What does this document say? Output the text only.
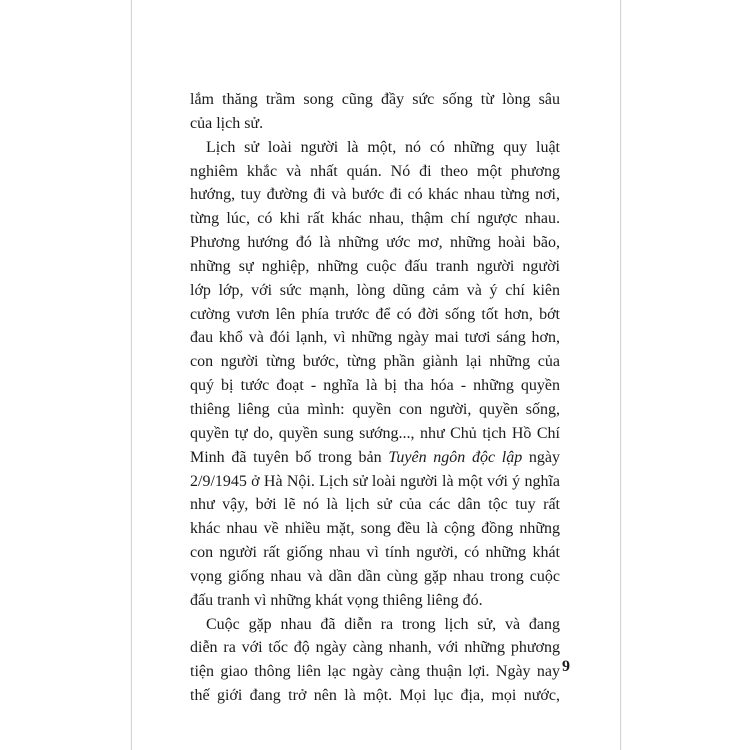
lắm thăng trầm song cũng đầy sức sống từ lòng sâu
của lịch sử.
Lịch sử loài người là một, nó có những quy luật
nghiêm khắc và nhất quán. Nó đi theo một phương
hướng, tuy đường đi và bước đi có khác nhau từng nơi,
từng lúc, có khi rất khác nhau, thậm chí ngược nhau.
Phương hướng đó là những ước mơ, những hoài bão,
những sự nghiệp, những cuộc đấu tranh người người
lớp lớp, với sức mạnh, lòng dũng cảm và ý chí kiên
cường vươn lên phía trước để có đời sống tốt hơn, bớt
đau khổ và đói lạnh, vì những ngày mai tươi sáng hơn,
con người từng bước, từng phần giành lại những của
quý bị tước đoạt - nghĩa là bị tha hóa - những quyền
thiêng liêng của mình: quyền con người, quyền sống,
quyền tự do, quyền sung sướng..., như Chủ tịch Hồ Chí
Minh đã tuyên bố trong bản Tuyên ngôn độc lập ngày
2/9/1945 ở Hà Nội. Lịch sử loài người là một với ý nghĩa
như vậy, bởi lẽ nó là lịch sử của các dân tộc tuy rất
khác nhau về nhiều mặt, song đều là cộng đồng những
con người rất giống nhau vì tính người, có những khát
vọng giống nhau và dần dần cùng gặp nhau trong cuộc
đấu tranh vì những khát vọng thiêng liêng đó.
Cuộc gặp nhau đã diễn ra trong lịch sử, và đang
diễn ra với tốc độ ngày càng nhanh, với những phương
tiện giao thông liên lạc ngày càng thuận lợi. Ngày nay
thế giới đang trở nên là một. Mọi lục địa, mọi nước,
9
